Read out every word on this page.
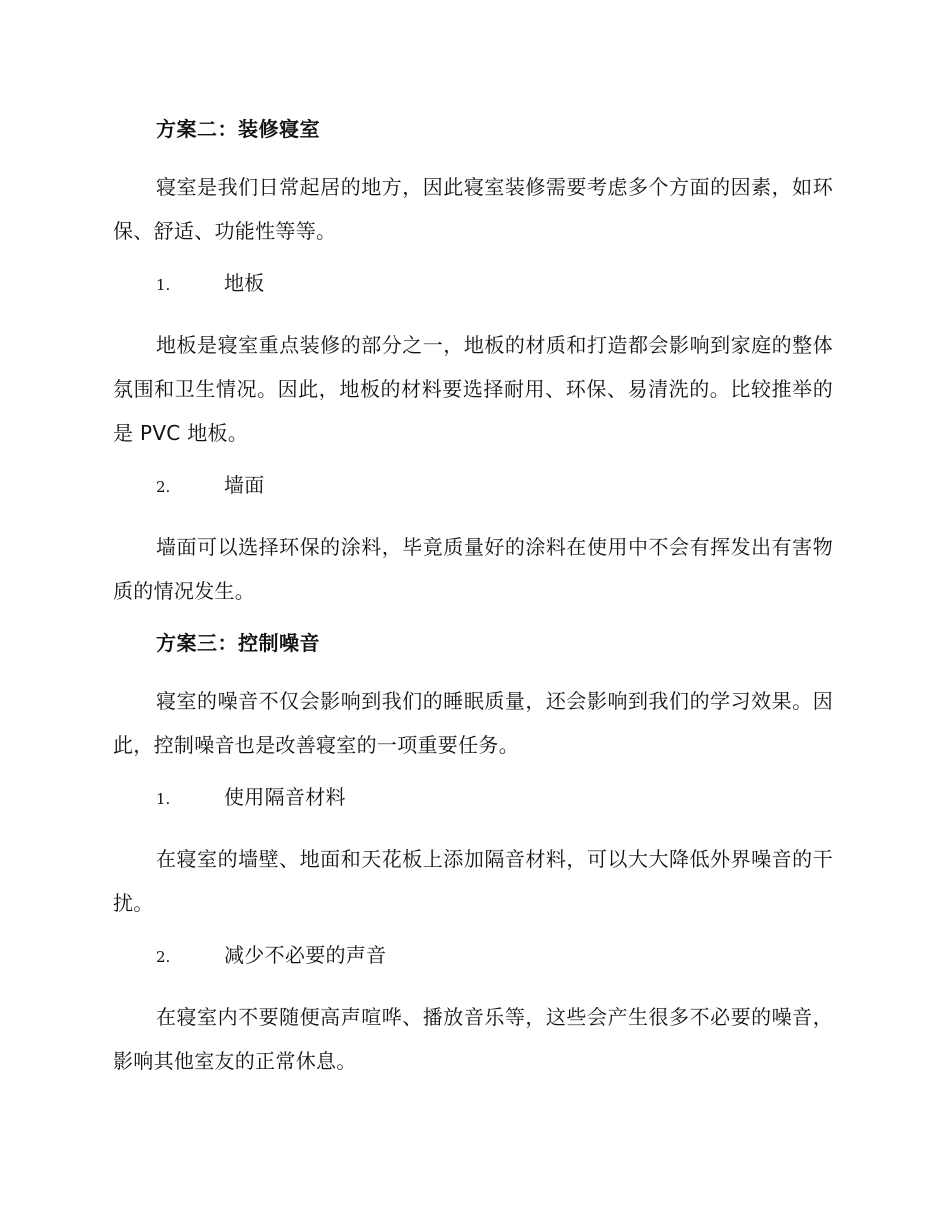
方案二：装修寝室

寝室是我们日常起居的地方，因此寝室装修需要考虑多个方面的因素，如环保、舒适、功能性等等。

1.	地板

地板是寝室重点装修的部分之一，地板的材质和打造都会影响到家庭的整体氛围和卫生情况。因此，地板的材料要选择耐用、环保、易清洗的。比较推举的是 PVC 地板。

2.	墙面

墙面可以选择环保的涂料，毕竟质量好的涂料在使用中不会有挥发出有害物质的情况发生。

方案三：控制噪音

寝室的噪音不仅会影响到我们的睡眠质量，还会影响到我们的学习效果。因此，控制噪音也是改善寝室的一项重要任务。

1.	使用隔音材料

在寝室的墙壁、地面和天花板上添加隔音材料，可以大大降低外界噪音的干扰。

2.	减少不必要的声音

在寝室内不要随便高声喧哗、播放音乐等，这些会产生很多不必要的噪音，影响其他室友的正常休息。
